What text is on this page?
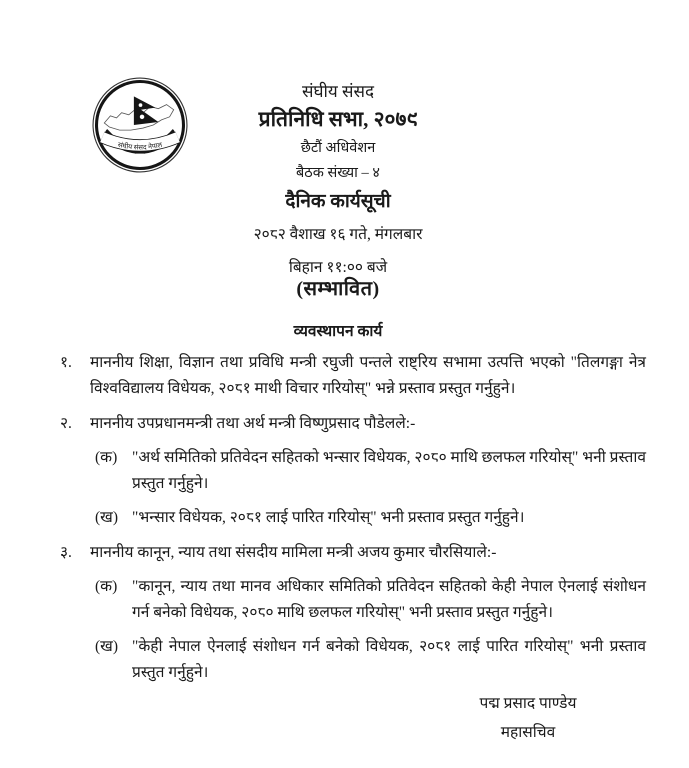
संघीय संसद नेपाल
संघीय संसद
प्रतिनिधि सभा, २०७९
छैटौं अधिवेशन
बैठक संख्या – ४
दैनिक कार्यसूची
२०८२ वैशाख १६ गते, मंगलबार
बिहान ११:०० बजे
(सम्भावित)
व्यवस्थापन कार्य
१.	माननीय शिक्षा, विज्ञान तथा प्रविधि मन्त्री रघुजी पन्तले राष्ट्रिय सभामा उत्पत्ति भएको "तिलगङ्गा नेत्र विश्वविद्यालय विधेयक, २०८१ माथी विचार गरियोस्" भन्ने प्रस्ताव प्रस्तुत गर्नुहुने।
२.	माननीय उपप्रधानमन्त्री तथा अर्थ मन्त्री विष्णुप्रसाद पौडेलले:-
(क) "अर्थ समितिको प्रतिवेदन सहितको भन्सार विधेयक, २०८० माथि छलफल गरियोस्" भनी प्रस्ताव प्रस्तुत गर्नुहुने।
(ख) "भन्सार विधेयक, २०८१ लाई पारित गरियोस्" भनी प्रस्ताव प्रस्तुत गर्नुहुने।
३.	माननीय कानून, न्याय तथा संसदीय मामिला मन्त्री अजय कुमार चौरसियाले:-
(क) "कानून, न्याय तथा मानव अधिकार समितिको प्रतिवेदन सहितको केही नेपाल ऐनलाई संशोधन गर्न बनेको विधेयक, २०८० माथि छलफल गरियोस्" भनी प्रस्ताव प्रस्तुत गर्नुहुने।
(ख) "केही नेपाल ऐनलाई संशोधन गर्न बनेको विधेयक, २०८१ लाई पारित गरियोस्" भनी प्रस्ताव प्रस्तुत गर्नुहुने।
पद्म प्रसाद पाण्डेय
महासचिव
